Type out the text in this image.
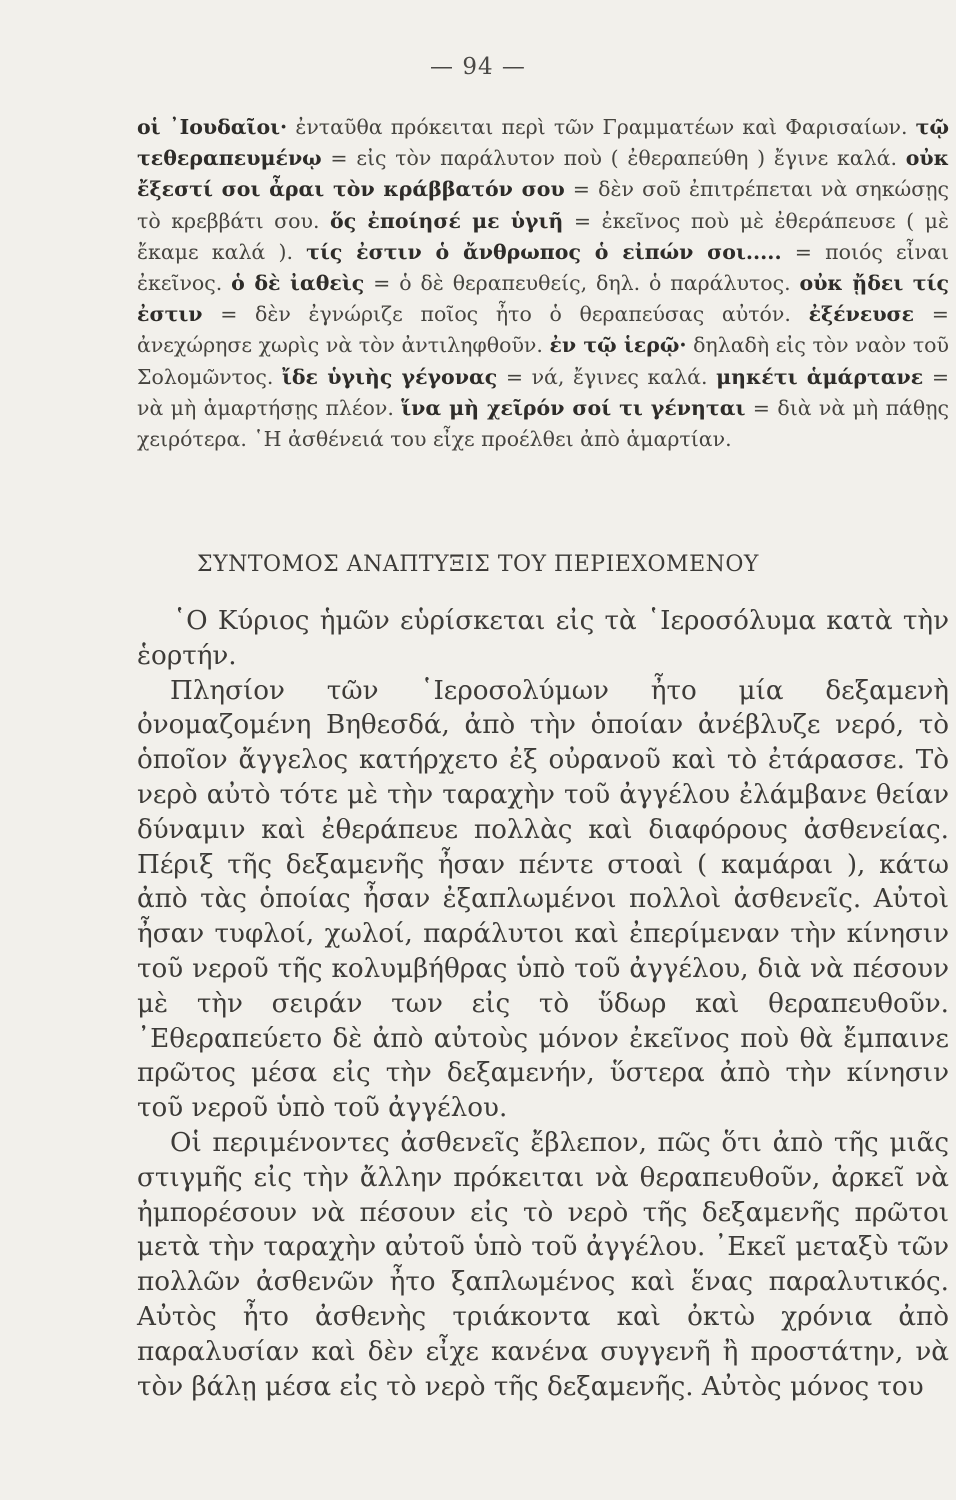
— 94 —
οἱ ᾿Ιουδαῖοι· ἐνταῦθα πρόκειται περὶ τῶν Γραμματέων καὶ Φαρισαίων. τῷ τεθεραπευμένῳ = εἰς τὸν παράλυτον ποὺ ( ἐθεραπεύθη ) ἔγινε καλά. οὐκ ἔξεστί σοι ἆραι τὸν κράββατόν σου = δὲν σοῦ ἐπιτρέπεται νὰ σηκώσῃς τὸ κρεββάτι σου. ὅς ἐποίησέ με ὑγιῆ = ἐκεῖνος ποὺ μὲ ἐθεράπευσε ( μὲ ἔκαμε καλά ). τίς ἐστιν ὁ ἄνθρωπος ὁ εἰπών σοι..... = ποιός εἶναι ἐκεῖνος. ὁ δὲ ἰαθεὶς = ὁ δὲ θεραπευθείς, δηλ. ὁ παράλυτος. οὐκ ᾔδει τίς ἐστιν = δὲν ἐγνώριζε ποῖος ἦτο ὁ θεραπεύσας αὐτόν. ἐξένευσε = ἀνεχώρησε χωρὶς νὰ τὸν ἀντιληφθοῦν. ἐν τῷ ἱερῷ· δηλαδὴ εἰς τὸν ναὸν τοῦ Σολομῶντος. ἴδε ὑγιὴς γέγονας = νά, ἔγινες καλά. μηκέτι ἁμάρτανε = νὰ μὴ ἁμαρτήσῃς πλέον. ἵνα μὴ χεῖρόν σοί τι γένηται = διὰ νὰ μὴ πάθῃς χειρότερα. ῾Η ἀσθένειά του εἶχε προέλθει ἀπὸ ἁμαρτίαν.
ΣΥΝΤΟΜΟΣ ΑΝΑΠΤΥΞΙΣ ΤΟΥ ΠΕΡΙΕΧΟΜΕΝΟΥ

῾Ο Κύριος ἡμῶν εὑρίσκεται εἰς τὰ ῾Ιεροσόλυμα κατὰ τὴν ἑορτήν.

Πλησίον τῶν ῾Ιεροσολύμων ἦτο μία δεξαμενὴ ὀνομαζομένη Βηθεσδά, ἀπὸ τὴν ὁποίαν ἀνέβλυζε νερό, τὸ ὁποῖον ἄγγελος κατήρχετο ἐξ οὐρανοῦ καὶ τὸ ἐτάρασσε. Τὸ νερὸ αὐτὸ τότε μὲ τὴν ταραχὴν τοῦ ἀγγέλου ἐλάμβανε θείαν δύναμιν καὶ ἐθεράπευε πολλὰς καὶ διαφόρους ἀσθενείας. Πέριξ τῆς δεξαμενῆς ἦσαν πέντε στοαὶ ( καμάραι ), κάτω ἀπὸ τὰς ὁποίας ἦσαν ἐξαπλωμένοι πολλοὶ ἀσθενεῖς. Αὐτοὶ ἦσαν τυφλοί, χωλοί, παράλυτοι καὶ ἐπερίμεναν τὴν κίνησιν τοῦ νεροῦ τῆς κολυμβήθρας ὑπὸ τοῦ ἀγγέλου, διὰ νὰ πέσουν μὲ τὴν σειράν των εἰς τὸ ὕδωρ καὶ θεραπευθοῦν. ᾿Εθεραπεύετο δὲ ἀπὸ αὐτοὺς μόνον ἐκεῖνος ποὺ θὰ ἔμπαινε πρῶτος μέσα εἰς τὴν δεξαμενήν, ὕστερα ἀπὸ τὴν κίνησιν τοῦ νεροῦ ὑπὸ τοῦ ἀγγέλου.

Οἱ περιμένοντες ἀσθενεῖς ἔβλεπον, πῶς ὅτι ἀπὸ τῆς μιᾶς στιγμῆς εἰς τὴν ἄλλην πρόκειται νὰ θεραπευθοῦν, ἀρκεῖ νὰ ἠμπορέσουν νὰ πέσουν εἰς τὸ νερὸ τῆς δεξαμενῆς πρῶτοι μετὰ τὴν ταραχὴν αὐτοῦ ὑπὸ τοῦ ἀγγέλου. ᾿Εκεῖ μεταξὺ τῶν πολλῶν ἀσθενῶν ἦτο ξαπλωμένος καὶ ἕνας παραλυτικός. Αὐτὸς ἦτο ἀσθενὴς τριάκοντα καὶ ὀκτὼ χρόνια ἀπὸ παραλυσίαν καὶ δὲν εἶχε κανένα συγγενῆ ἢ προστάτην, νὰ τὸν βάλῃ μέσα εἰς τὸ νερὸ τῆς δεξαμενῆς. Αὐτὸς μόνος του
